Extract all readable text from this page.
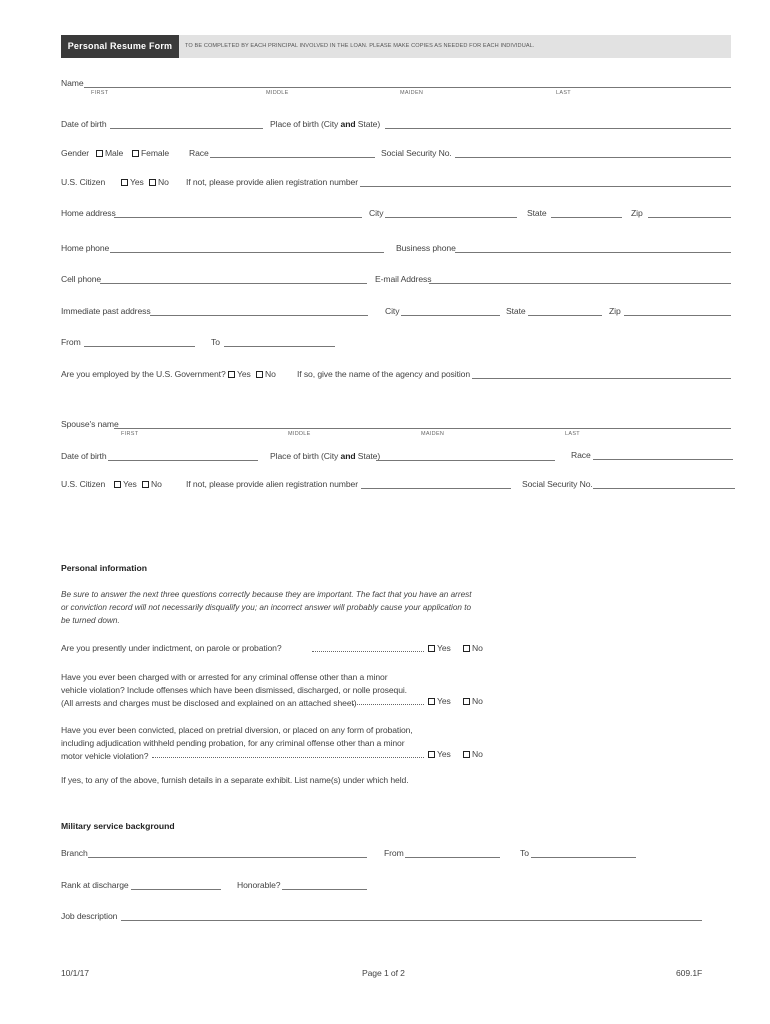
Personal Resume Form	TO BE COMPLETED BY EACH PRINCIPAL INVOLVED IN THE LOAN. PLEASE MAKE COPIES AS NEEDED FOR EACH INDIVIDUAL.
Name
FIRST	MIDDLE	MAIDEN	LAST
Date of birth	Place of birth (City and State)
Gender	Male	Female Race	Social Security No.
U.S. Citizen	Yes	No If not, please provide alien registration number
Home address	City	State	Zip
Home phone	Business phone
Cell phone	E-mail Address
Immediate past address	City	State	Zip
From	To
Are you employed by the U.S. Government?	Yes	No If so, give the name of the agency and position
Spouse's name
FIRST	MIDDLE	MAIDEN	LAST
Date of birth	Place of birth (City and State)	Race
U.S. Citizen	Yes	No	If not, please provide alien registration number	Social Security No.
Personal information
Be sure to answer the next three questions correctly because they are important. The fact that you have an arrest
or conviction record will not necessarily disqualify you; an incorrect answer will probably cause your application to
be turned down.
Are you presently under indictment, on parole or probation?	Yes	No
Have you ever been charged with or arrested for any criminal offense other than a minor
vehicle violation? Include offenses which have been dismissed, discharged, or nolle prosequi.
(All arrests and charges must be disclosed and explained on an attached sheet)	Yes	No
Have you ever been convicted, placed on pretrial diversion, or placed on any form of probation,
including adjudication withheld pending probation, for any criminal offense other than a minor
motor vehicle violation?	Yes	No
If yes, to any of the above, furnish details in a separate exhibit. List name(s) under which held.
Military service background
Branch	From	To
Rank at discharge	Honorable?
Job description
10/1/17	Page 1 of 2	609.1F
